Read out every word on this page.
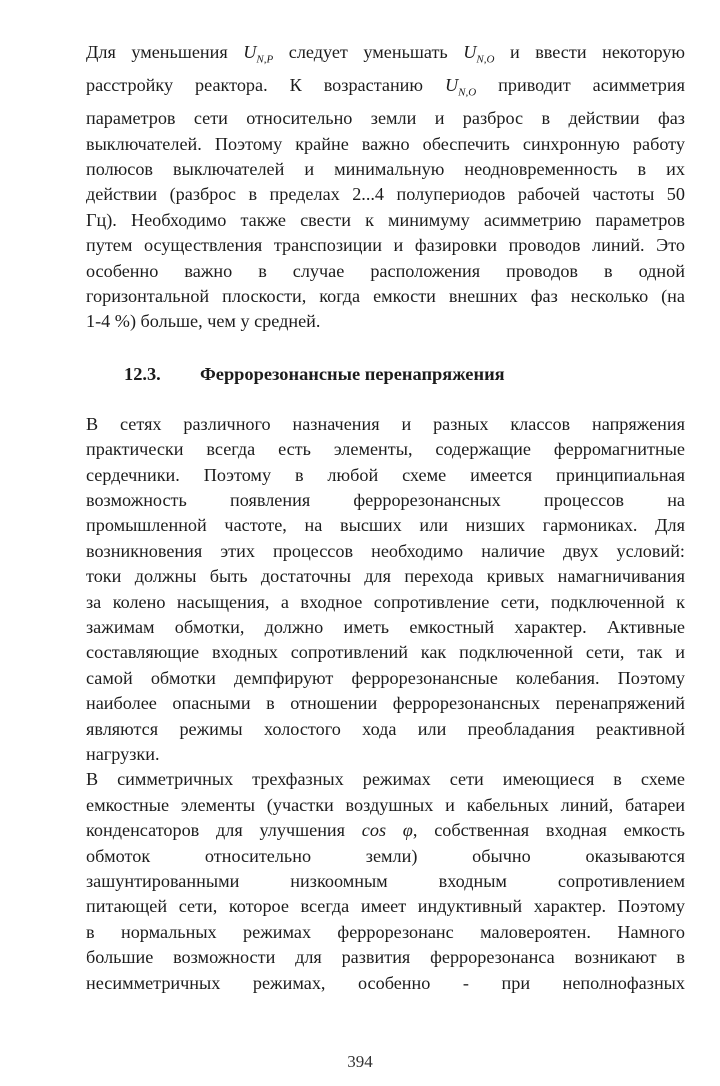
Для уменьшения $U_{N,P}$ следует уменьшать $U_{N,O}$ и ввести некоторую
расстройку реактора. К возрастанию $U_{N,O}$ приводит асимметрия
параметров сети относительно земли и разброс в действии фаз
выключателей. Поэтому крайне важно обеспечить синхронную работу
полюсов выключателей и минимальную неодновременность в их
действии (разброс в пределах 2...4 полупериодов рабочей частоты 50
Гц). Необходимо также свести к минимуму асимметрию параметров
путем осуществления транспозиции и фазировки проводов линий. Это
особенно важно в случае расположения проводов в одной
горизонтальной плоскости, когда емкости внешних фаз несколько (на
1-4 %) больше, чем у средней.
12.3. Феррорезонансные перенапряжения
В сетях различного назначения и разных классов напряжения
практически всегда есть элементы, содержащие ферромагнитные
сердечники. Поэтому в любой схеме имеется принципиальная
возможность появления феррорезонансных процессов на
промышленной частоте, на высших или низших гармониках. Для
возникновения этих процессов необходимо наличие двух условий:
токи должны быть достаточны для перехода кривых намагничивания
за колено насыщения, а входное сопротивление сети, подключенной к
зажимам обмотки, должно иметь емкостный характер. Активные
составляющие входных сопротивлений как подключенной сети, так и
самой обмотки демпфируют феррорезонансные колебания. Поэтому
наиболее опасными в отношении феррорезонансных перенапряжений
являются режимы холостого хода или преобладания реактивной
нагрузки.
В симметричных трехфазных режимах сети имеющиеся в схеме
емкостные элементы (участки воздушных и кабельных линий, батареи
конденсаторов для улучшения cos φ, собственная входная емкость
обмоток относительно земли) обычно оказываются
зашунтированными низкоомным входным сопротивлением
питающей сети, которое всегда имеет индуктивный характер. Поэтому
в нормальных режимах феррорезонанс маловероятен. Намного
большие возможности для развития феррорезонанса возникают в
несимметричных режимах, особенно - при неполнофазных
394
